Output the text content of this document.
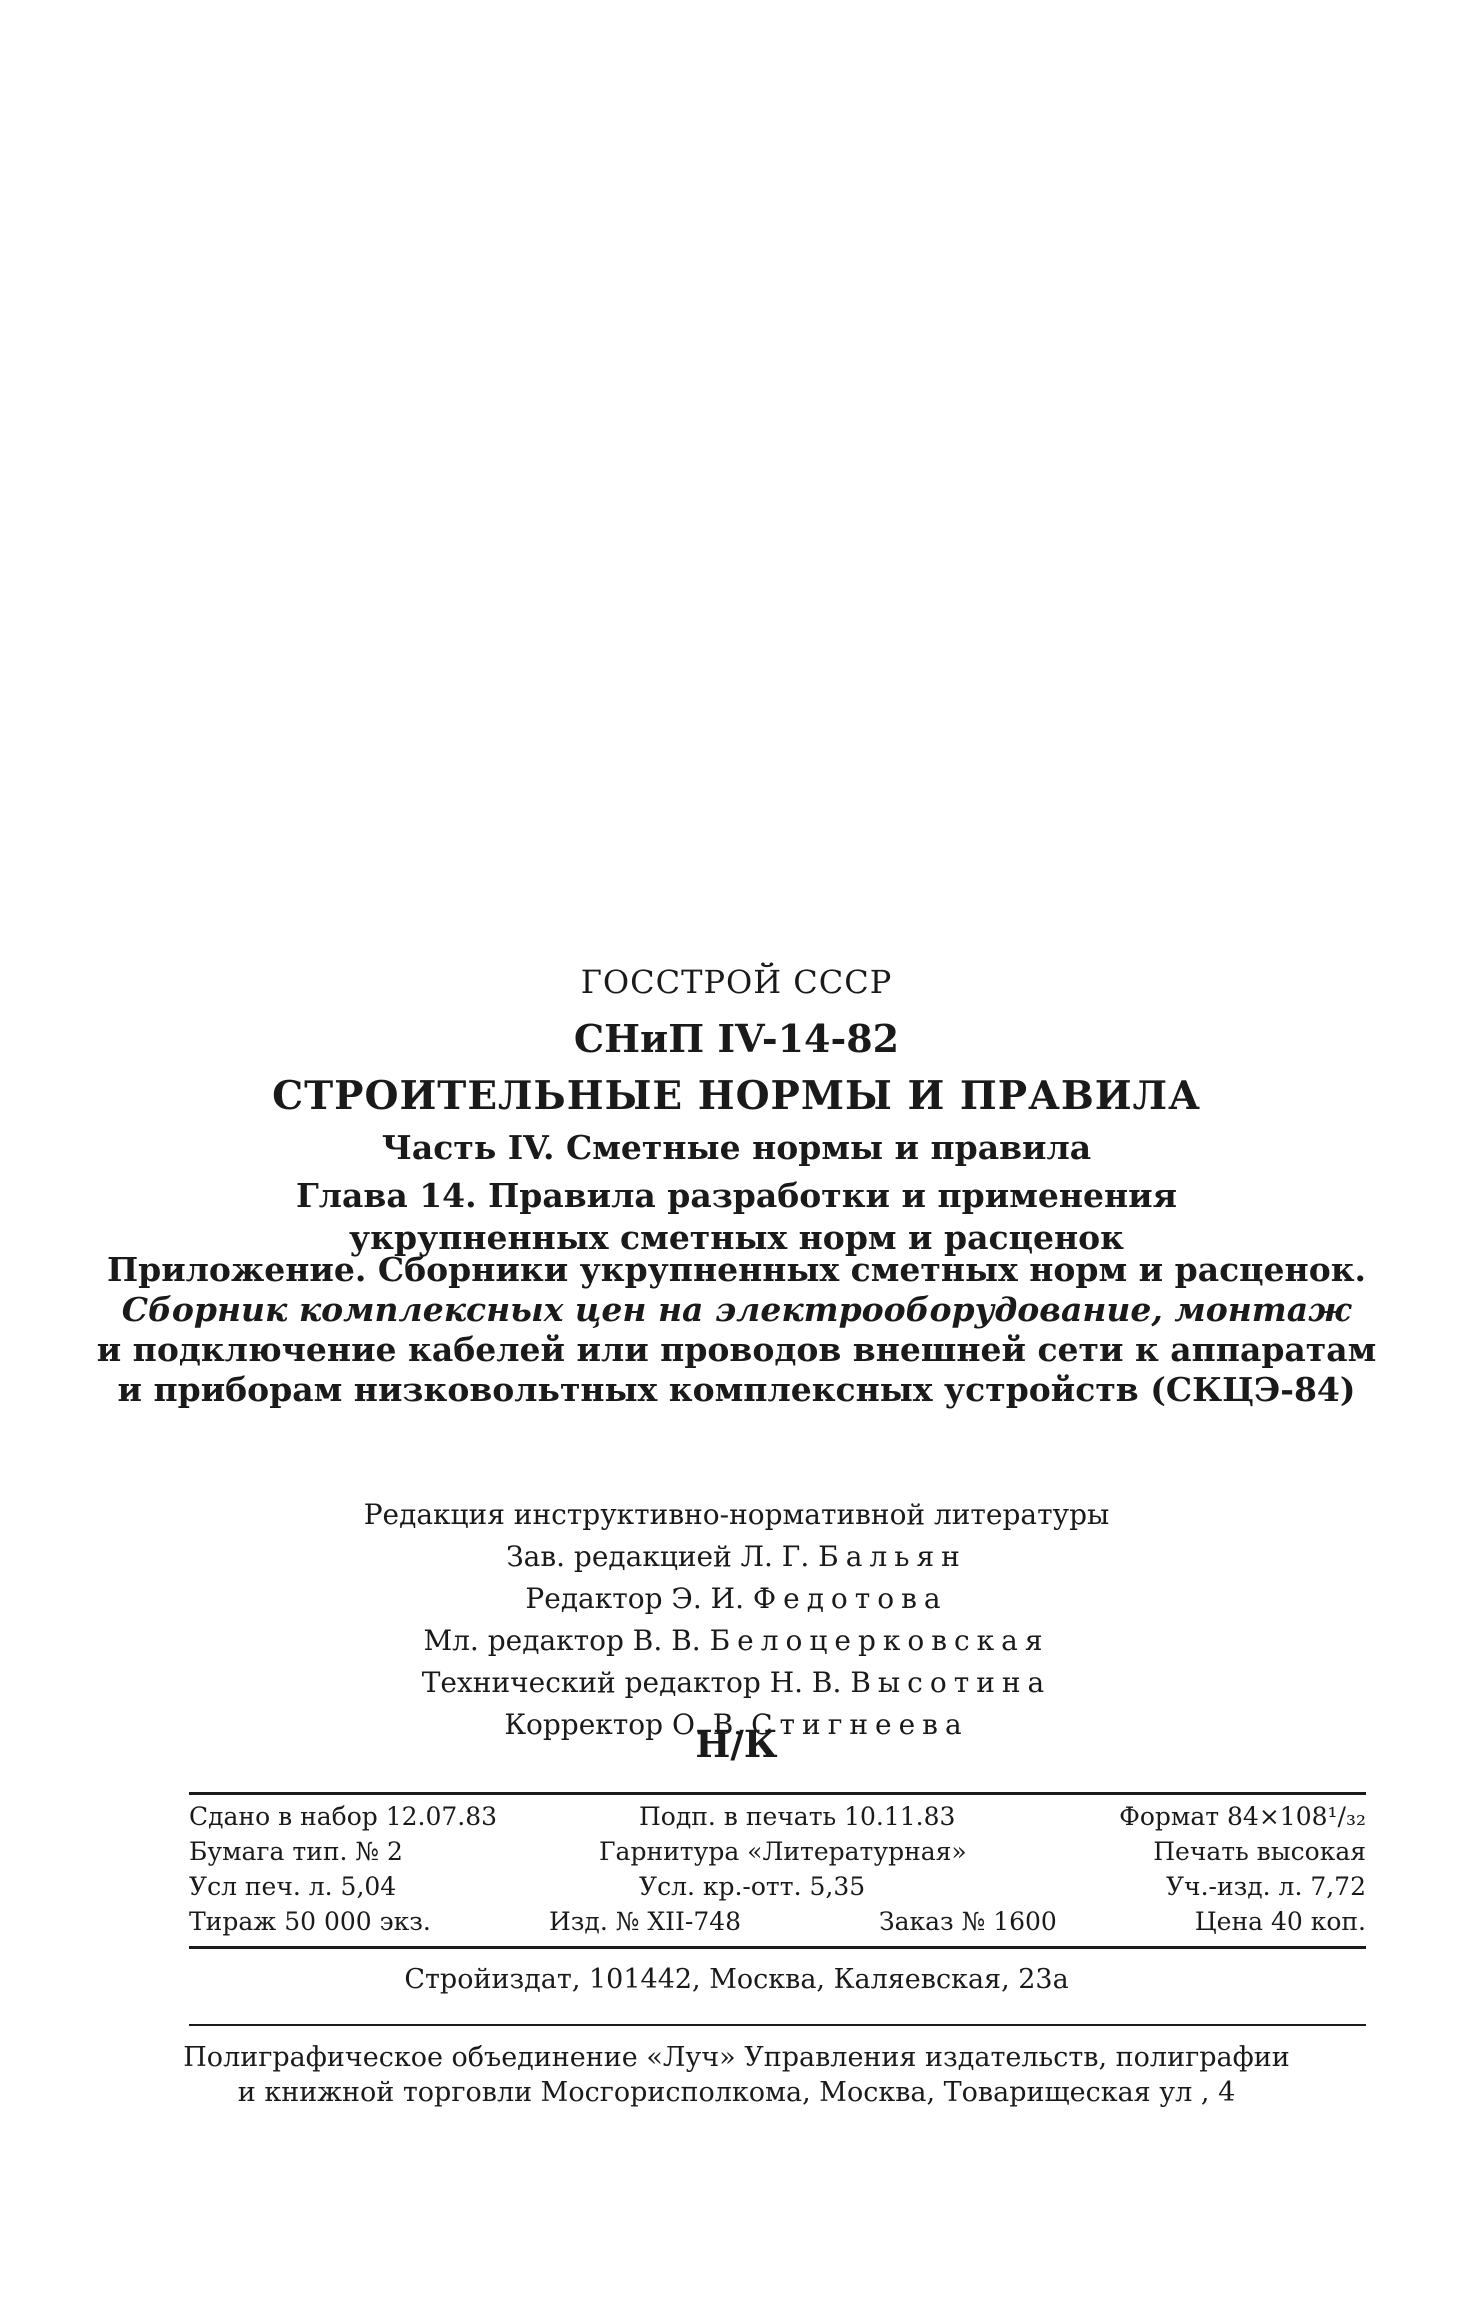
ГОССТРОЙ СССР
СНиП IV-14-82
СТРОИТЕЛЬНЫЕ НОРМЫ И ПРАВИЛА
Часть IV. Сметные нормы и правила
Глава 14. Правила разработки и применения
укрупненных сметных норм и расценок
Приложение. Сборники укрупненных сметных норм и расценок.
Сборник комплексных цен на электрооборудование, монтаж
и подключение кабелей или проводов внешней сети к аппаратам
и приборам низковольтных комплексных устройств (СКЦЭ-84)
Редакция инструктивно-нормативной литературы
Зав. редакцией Л. Г. Бальян
Редактор Э. И. Федотова
Мл. редактор В. В. Белоцерковская
Технический редактор Н. В. Высотина
Корректор О. В. Стигнеева
Н/К
Сдано в набор 12.07.83	Подп. в печать 10.11.83	Формат 84×108¹/₃₂
Бумага тип. № 2	Гарнитура «Литературная»	Печать высокая
Усл печ. л. 5,04	Усл. кр.-отт. 5,35	Уч.-изд. л. 7,72
Тираж 50 000 экз.	Изд. № XII-748	Заказ № 1600	Цена 40 коп.
Стройиздат, 101442, Москва, Каляевская, 23а
Полиграфическое объединение «Луч» Управления издательств, полиграфии
и книжной торговли Мосгорисполкома, Москва, Товарищеская ул , 4
